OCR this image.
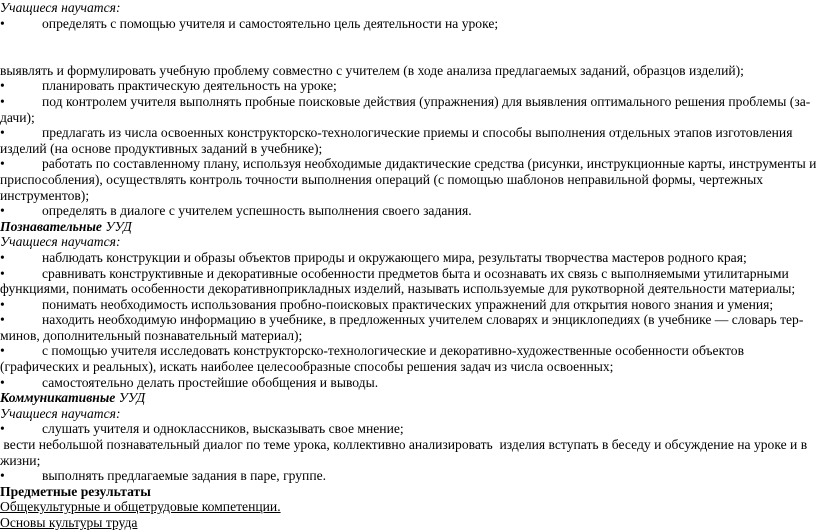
Учащиеся научатся:
•	определять с помощью учителя и самостоятельно цель деятельности на уроке;
выявлять и формулировать учебную проблему совместно с учителем (в ходе анализа предлагаемых заданий, образцов изделий);
•	планировать практическую деятельность на уроке;
•	под контролем учителя выполнять пробные поисковые действия (упражнения) для выявления оптимального решения проблемы (за-
дачи);
•	предлагать из числа освоенных конструкторско-технологические приемы и способы выполнения отдельных этапов изготовления
изделий (на основе продуктивных заданий в учебнике);
•	работать по составленному плану, используя необходимые дидактические средства (рисунки, инструкционные карты, инструменты и
приспособления), осуществлять контроль точности выполнения операций (с помощью шаблонов неправильной формы, чертежных
инструментов);
•	определять в диалоге с учителем успешность выполнения своего задания.
Познавательные УУД
Учащиеся научатся:
•	наблюдать конструкции и образы объектов природы и окружающего мира, результаты творчества мастеров родного края;
•	сравнивать конструктивные и декоративные особенности предметов быта и осознавать их связь с выполняемыми утилитарными
функциями, понимать особенности декоративноприкладных изделий, называть используемые для рукотворной деятельности материалы;
•	понимать необходимость использования пробно-поисковых практических упражнений для открытия нового знания и умения;
•	находить необходимую информацию в учебнике, в предложенных учителем словарях и энциклопедиях (в учебнике — словарь тер-
минов, дополнительный познавательный материал);
•	с помощью учителя исследовать конструкторско-технологические и декоративно-художественные особенности объектов
(графических и реальных), искать наиболее целесообразные способы решения задач из числа освоенных;
•	самостоятельно делать простейшие обобщения и выводы.
Коммуникативные УУД
Учащиеся научатся:
•	слушать учителя и одноклассников, высказывать свое мнение;
вести небольшой познавательный диалог по теме урока, коллективно анализировать  изделия вступать в беседу и обсуждение на уроке и в
жизни;
•	выполнять предлагаемые задания в паре, группе.
Предметные результаты
Общекультурные и общетрудовые компетенции.
Основы культуры труда
